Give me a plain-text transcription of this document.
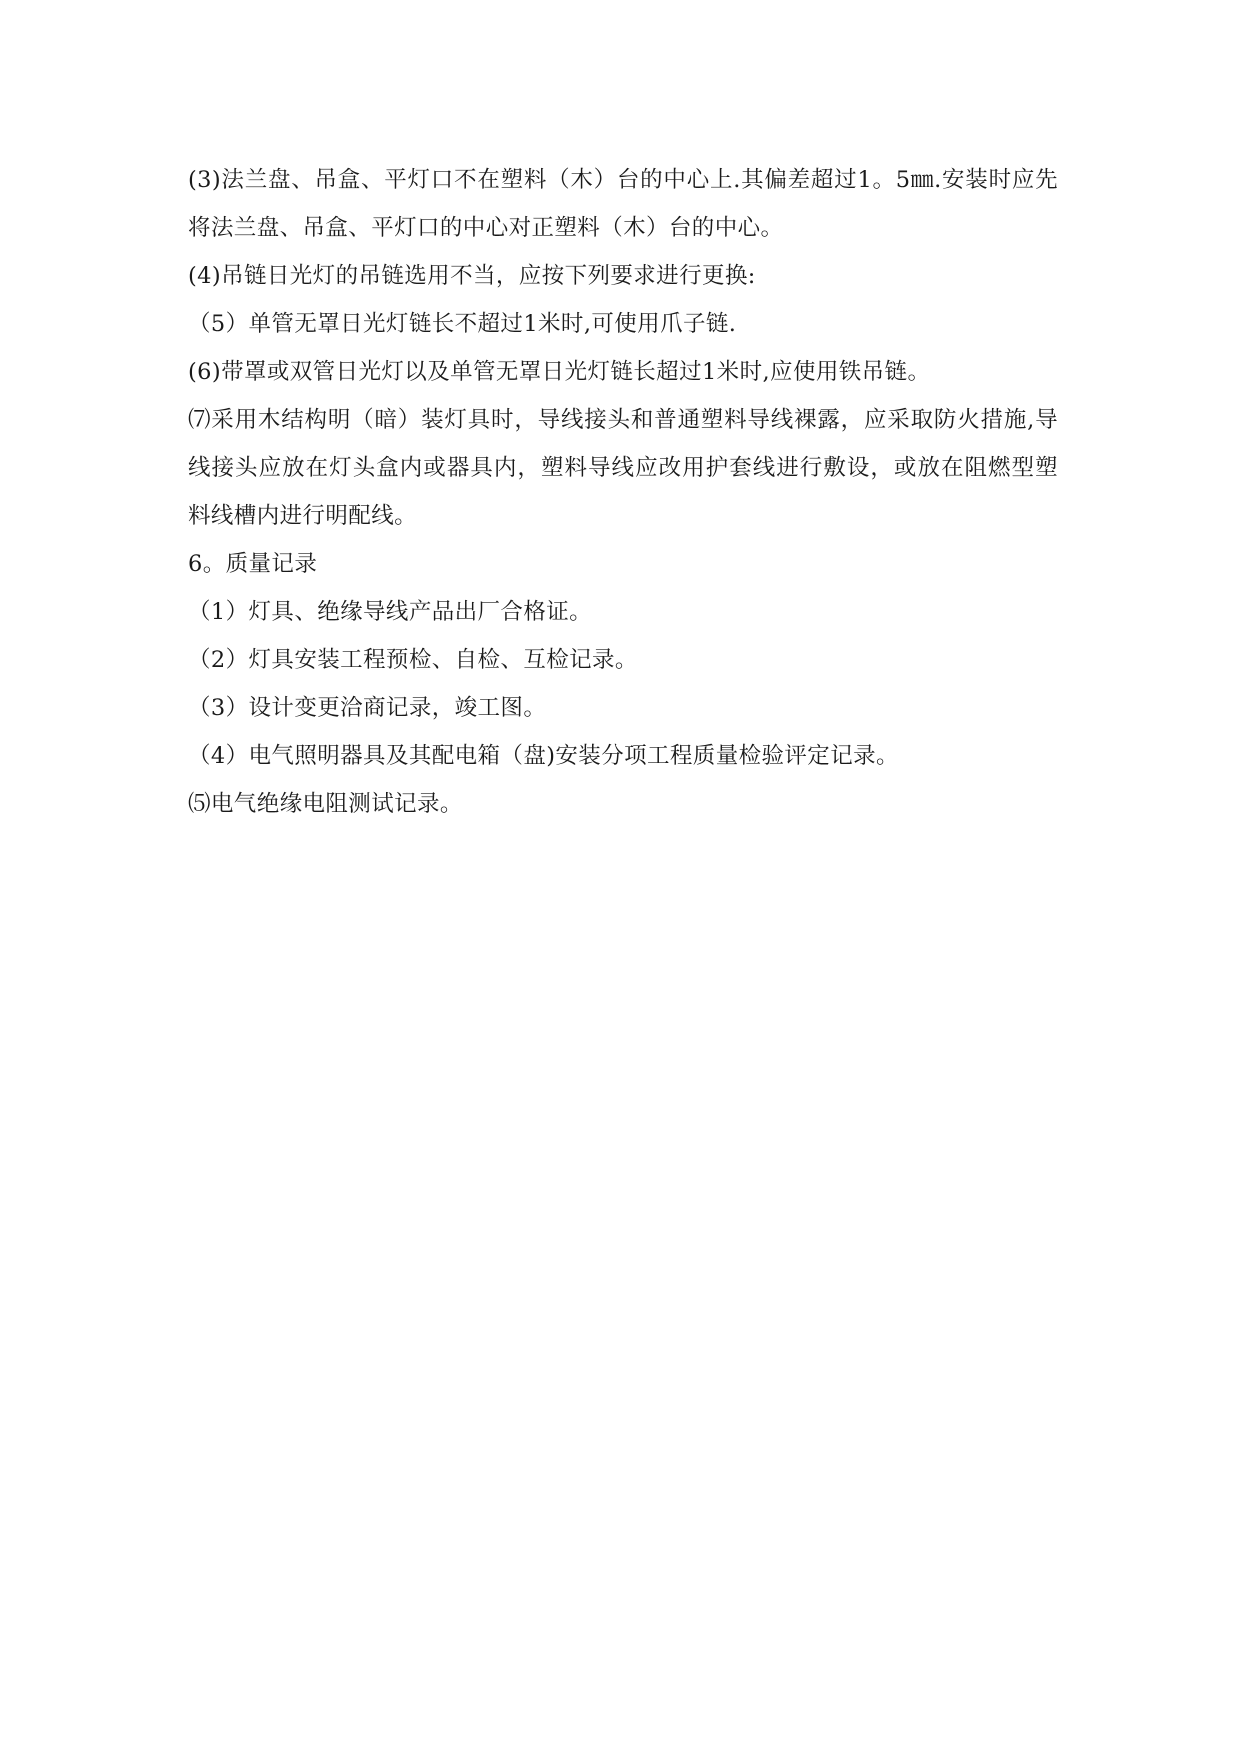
(3)法兰盘、吊盒、平灯口不在塑料（木）台的中心上.其偏差超过1。5㎜.安装时应先将法兰盘、吊盒、平灯口的中心对正塑料（木）台的中心。

(4)吊链日光灯的吊链选用不当，应按下列要求进行更换:

（5）单管无罩日光灯链长不超过1米时,可使用爪子链.

(6)带罩或双管日光灯以及单管无罩日光灯链长超过1米时,应使用铁吊链。

⑺采用木结构明（暗）装灯具时，导线接头和普通塑料导线裸露，应采取防火措施,导线接头应放在灯头盒内或器具内，塑料导线应改用护套线进行敷设，或放在阻燃型塑料线槽内进行明配线。

6。质量记录

（1）灯具、绝缘导线产品出厂合格证。

（2）灯具安装工程预检、自检、互检记录。

（3）设计变更洽商记录，竣工图。

（4）电气照明器具及其配电箱（盘)安装分项工程质量检验评定记录。

⑸电气绝缘电阻测试记录。
